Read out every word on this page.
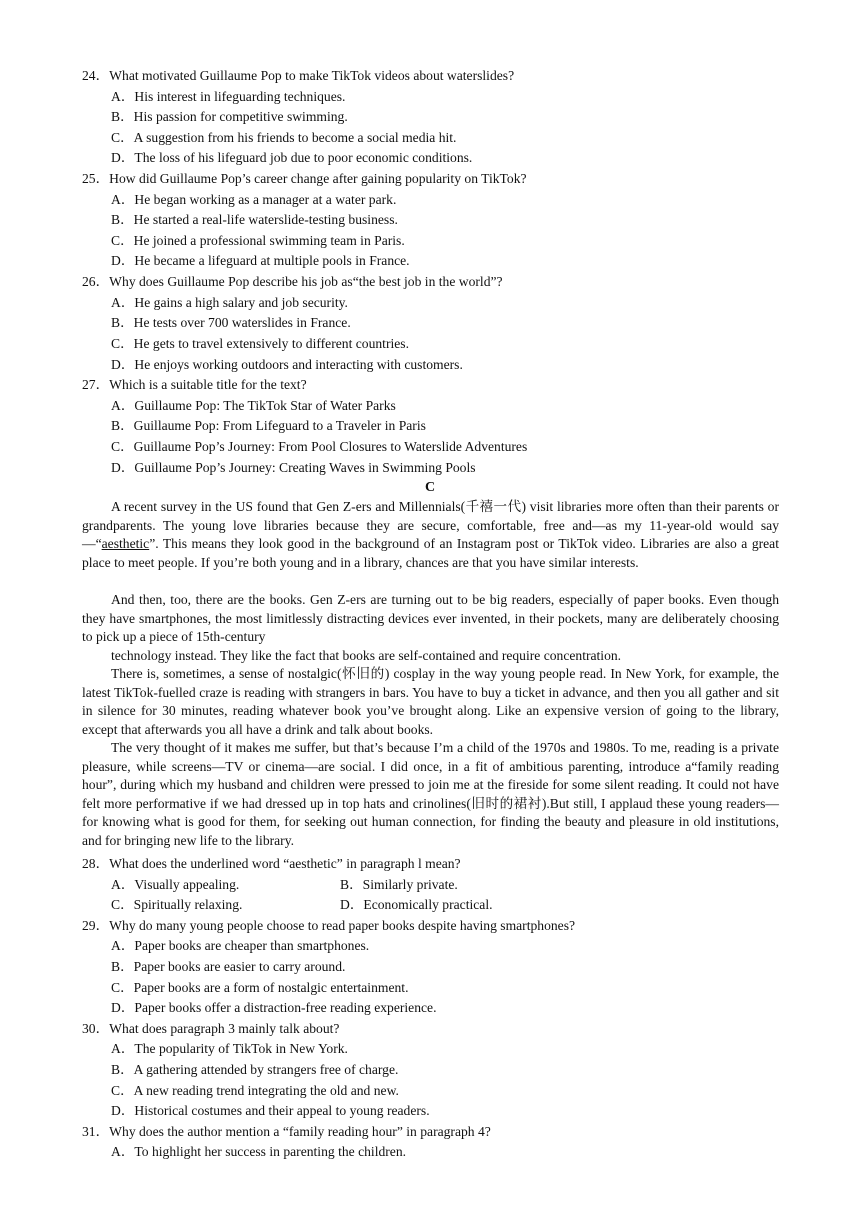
24．What motivated Guillaume Pop to make TikTok videos about waterslides?
A．His interest in lifeguarding techniques.
B．His passion for competitive swimming.
C．A suggestion from his friends to become a social media hit.
D．The loss of his lifeguard job due to poor economic conditions.
25．How did Guillaume Pop’s career change after gaining popularity on TikTok?
A．He began working as a manager at a water park.
B．He started a real-life waterslide-testing business.
C．He joined a professional swimming team in Paris.
D．He became a lifeguard at multiple pools in France.
26．Why does Guillaume Pop describe his job as“the best job in the world”?
A．He gains a high salary and job security.
B．He tests over 700 waterslides in France.
C．He gets to travel extensively to different countries.
D．He enjoys working outdoors and interacting with customers.
27．Which is a suitable title for the text?
A．Guillaume Pop: The TikTok Star of Water Parks
B．Guillaume Pop: From Lifeguard to a Traveler in Paris
C．Guillaume Pop’s Journey: From Pool Closures to Waterslide Adventures
D．Guillaume Pop’s Journey: Creating Waves in Swimming Pools
C

A recent survey in the US found that Gen Z-ers and Millennials(千禧一代) visit libraries more often than their parents or grandparents. The young love libraries because they are secure, comfortable, free and—as my 11-year-old would say—“aesthetic”. This means they look good in the background of an Instagram post or TikTok video. Libraries are also a great place to meet people. If you’re both young and in a library, chances are that you have similar interests.

And then, too, there are the books. Gen Z-ers are turning out to be big readers, especially of paper books. Even though they have smartphones, the most limitlessly distracting devices ever invented, in their pockets, many are deliberately choosing to pick up a piece of 15th-century
technology instead. They like the fact that books are self-contained and require concentration.

There is, sometimes, a sense of nostalgic(怀旧的) cosplay in the way young people read. In New York, for example, the latest TikTok-fuelled craze is reading with strangers in bars. You have to buy a ticket in advance, and then you all gather and sit in silence for 30 minutes, reading whatever book you’ve brought along. Like an expensive version of going to the library, except that afterwards you all have a drink and talk about books.

The very thought of it makes me suffer, but that’s because I’m a child of the 1970s and 1980s. To me, reading is a private pleasure, while screens—TV or cinema—are social. I did once, in a fit of ambitious parenting, introduce a“family reading hour”, during which my husband and children were pressed to join me at the fireside for some silent reading. It could not have felt more performative if we had dressed up in top hats and crinolines(旧时的裙衬).But still, I applaud these young readers—for knowing what is good for them, for seeking out human connection, for finding the beauty and pleasure in old institutions, and for bringing new life to the library.

28．What does the underlined word “aesthetic” in paragraph l mean?
A．Visually appealing.	B．Similarly private.
C．Spiritually relaxing.	D．Economically practical.
29．Why do many young people choose to read paper books despite having smartphones?
A．Paper books are cheaper than smartphones.
B．Paper books are easier to carry around.
C．Paper books are a form of nostalgic entertainment.
D．Paper books offer a distraction-free reading experience.
30．What does paragraph 3 mainly talk about?
A．The popularity of TikTok in New York.
B．A gathering attended by strangers free of charge.
C．A new reading trend integrating the old and new.
D．Historical costumes and their appeal to young readers.
31．Why does the author mention a “family reading hour” in paragraph 4?
A．To highlight her success in parenting the children.
